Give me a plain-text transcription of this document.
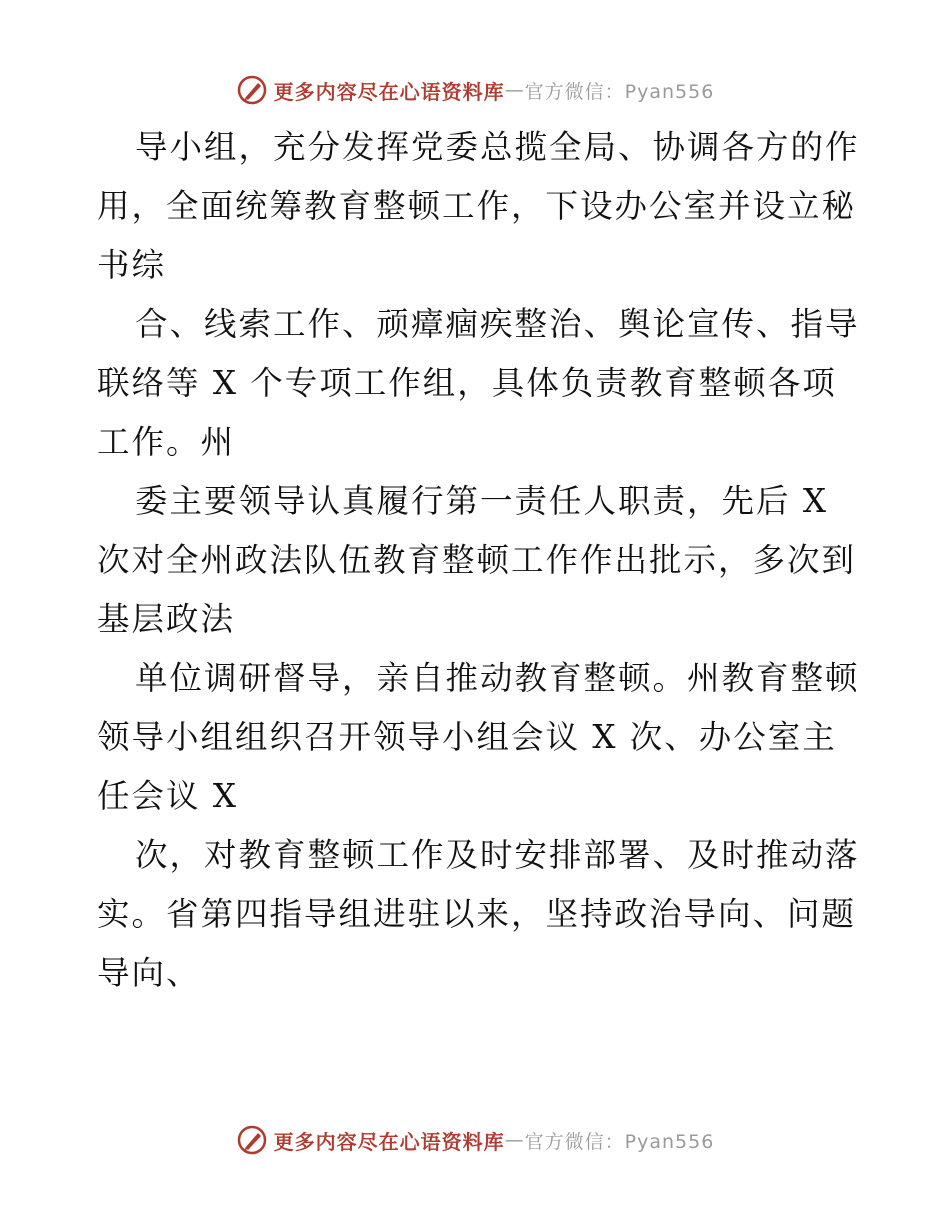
更多内容尽在心语资料库 — 官方微信：Pyan556
导小组，充分发挥党委总揽全局、协调各方的作
用，全面统筹教育整顿工作，下设办公室并设立秘
书综
合、线索工作、顽瘴痼疾整治、舆论宣传、指导
联络等 X 个专项工作组，具体负责教育整顿各项
工作。州
委主要领导认真履行第一责任人职责，先后 X
次对全州政法队伍教育整顿工作作出批示，多次到
基层政法
单位调研督导，亲自推动教育整顿。州教育整顿
领导小组组织召开领导小组会议 X 次、办公室主
任会议 X
次，对教育整顿工作及时安排部署、及时推动落
实。省第四指导组进驻以来，坚持政治导向、问题
导向、
更多内容尽在心语资料库 — 官方微信：Pyan556
